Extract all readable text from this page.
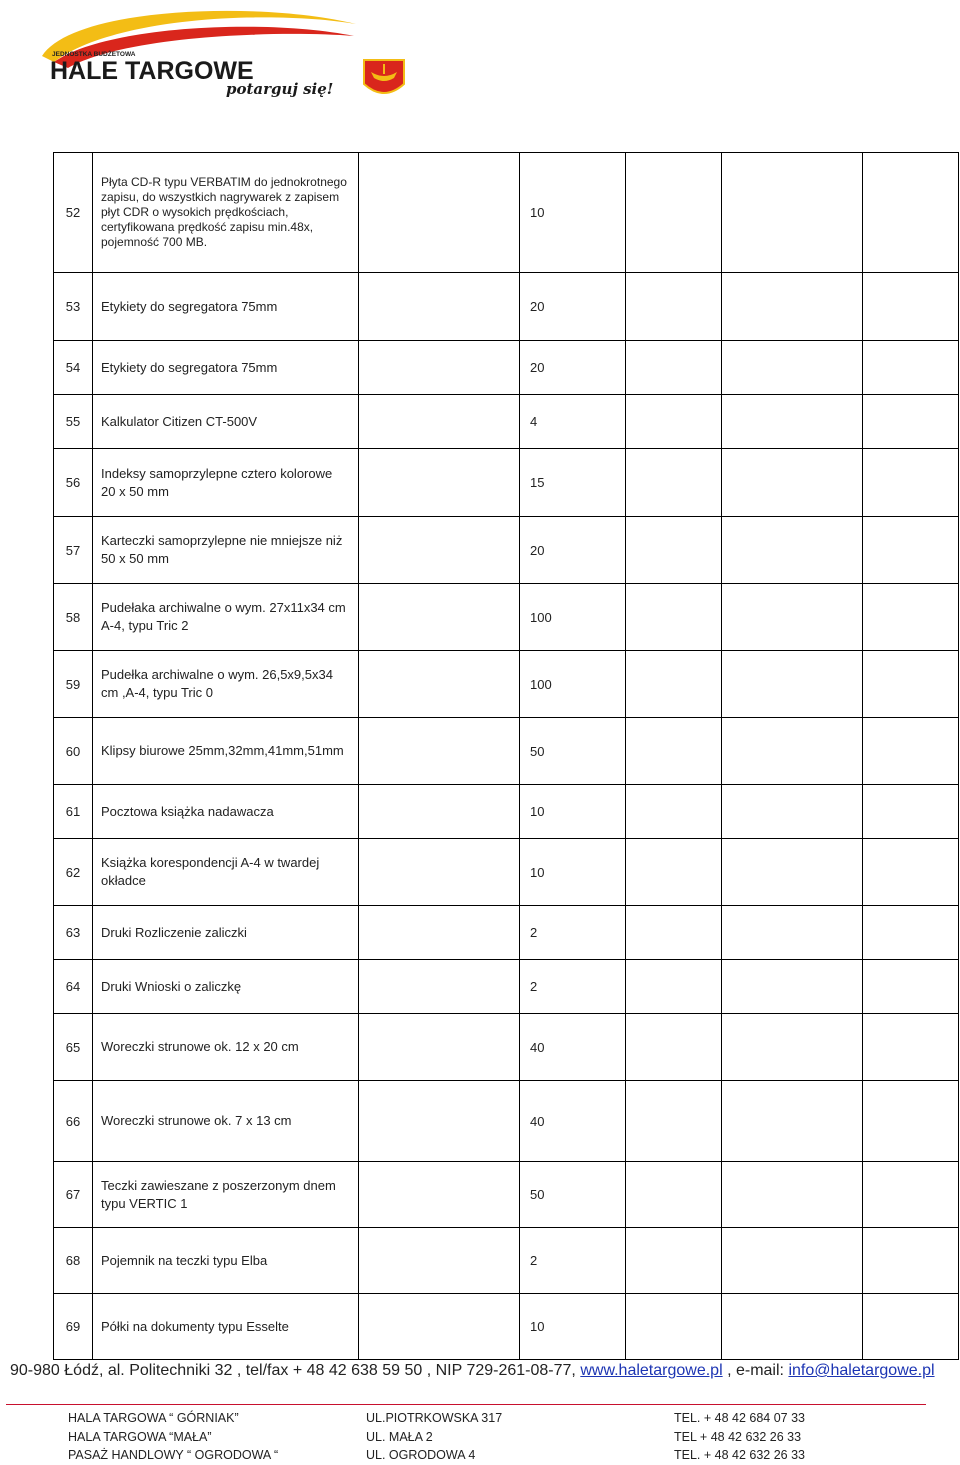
JEDNOSTKA BUDŻETOWA
HALE TARGOWE
potarguj się!
52	Płyta CD-R typu VERBATIM do jednokrotnego zapisu, do wszystkich nagrywarek z zapisem płyt CDR o wysokich prędkościach, certyfikowana prędkość zapisu min.48x, pojemność 700 MB.		10			
53	Etykiety do segregatora 75mm		20			
54	Etykiety do segregatora 75mm		20			
55	Kalkulator Citizen CT-500V		4			
56	Indeksy samoprzylepne cztero kolorowe 20 x 50 mm		15			
57	Karteczki samoprzylepne nie mniejsze niż 50 x 50 mm		20			
58	Pudełaka archiwalne o wym. 27x11x34 cm A-4, typu Tric 2		100			
59	Pudełka archiwalne o wym. 26,5x9,5x34 cm ,A-4, typu Tric 0		100			
60	Klipsy biurowe 25mm,32mm,41mm,51mm		50			
61	Pocztowa książka nadawacza		10			
62	Książka korespondencji A-4 w twardej okładce		10			
63	Druki Rozliczenie zaliczki		2			
64	Druki Wnioski o zaliczkę		2			
65	Woreczki strunowe ok. 12 x 20 cm		40			
66	Woreczki strunowe ok. 7 x 13 cm		40			
67	Teczki zawieszane z poszerzonym dnem typu VERTIC 1		50			
68	Pojemnik na teczki typu Elba		2			
69	Półki na dokumenty typu Esselte		10			
90-980 Łódź, al. Politechniki 32 , tel/fax + 48 42 638 59 50 , NIP 729-261-08-77, www.haletargowe.pl , e-mail: info@haletargowe.pl
HALA TARGOWA “ GÓRNIAK”	UL.PIOTRKOWSKA 317	TEL. + 48 42 684 07 33
HALA TARGOWA “MAŁA”	UL. MAŁA 2	TEL + 48 42 632 26 33
PASAŻ HANDLOWY “ OGRODOWA “	UL. OGRODOWA 4	TEL. + 48 42 632 26 33
